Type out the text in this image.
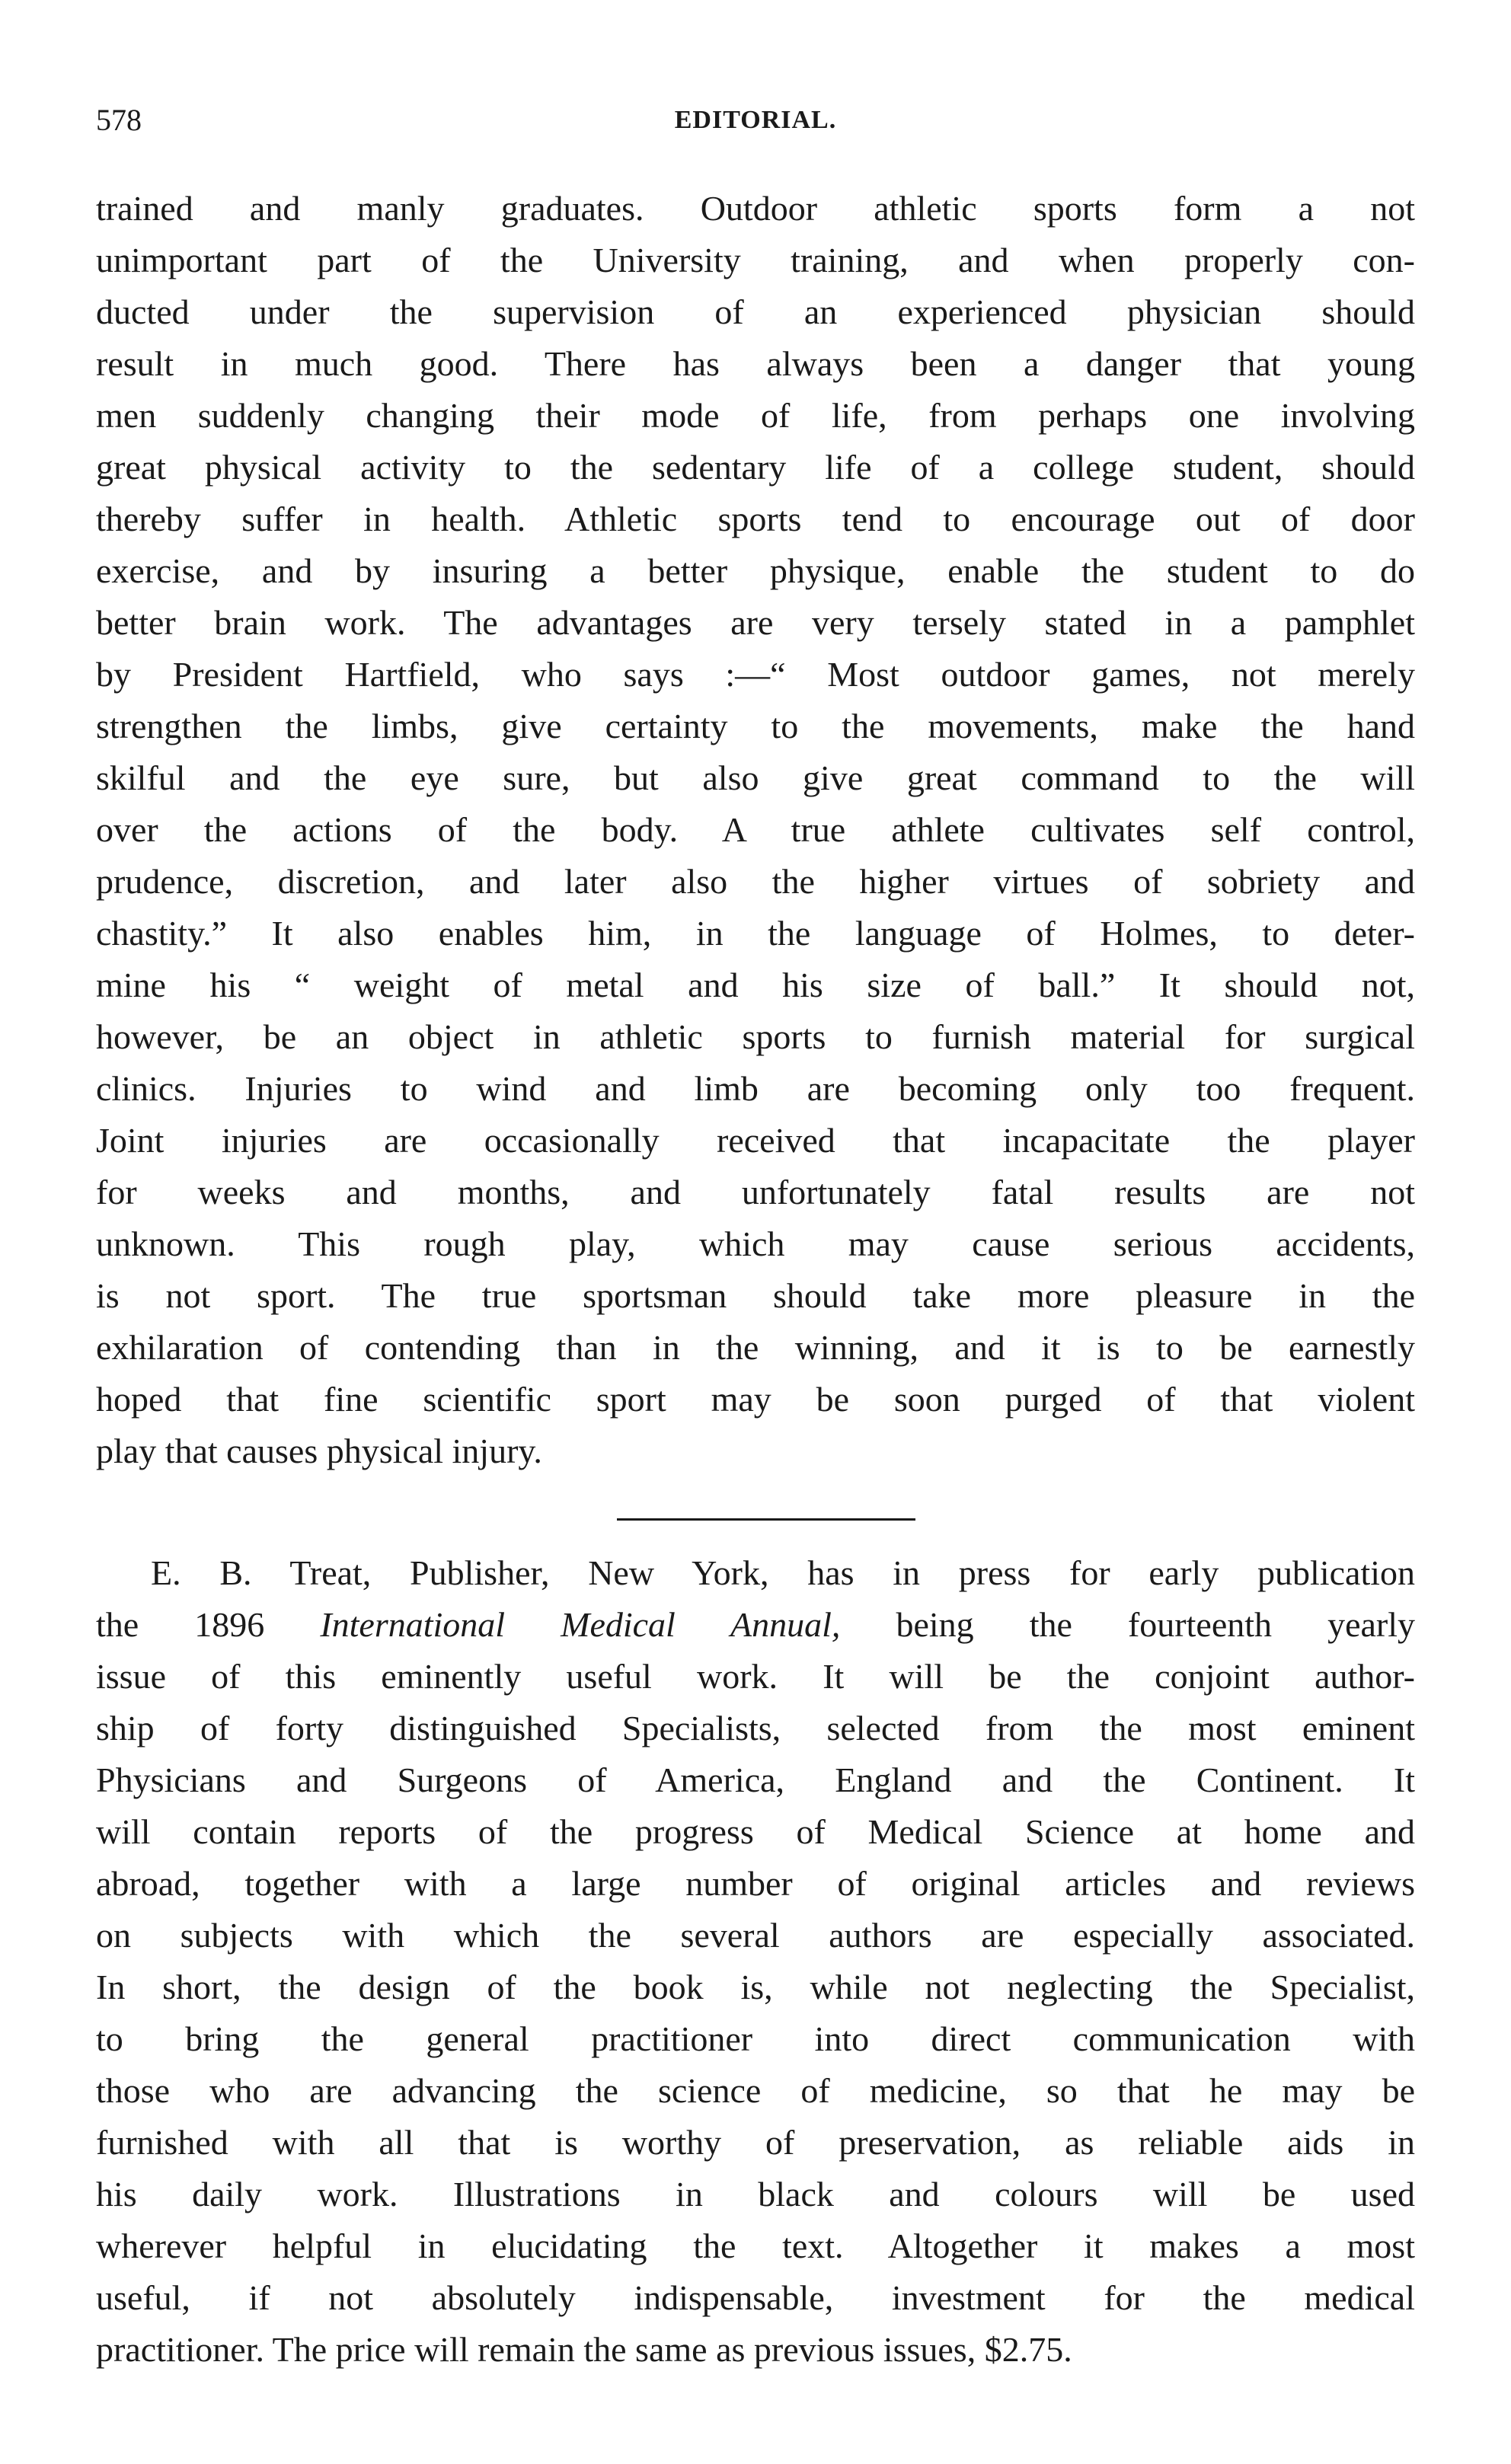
578	EDITORIAL.
trained and manly graduates. Outdoor athletic sports form a not
unimportant part of the University training, and when properly con-
ducted under the supervision of an experienced physician should
result in much good. There has always been a danger that young
men suddenly changing their mode of life, from perhaps one involving
great physical activity to the sedentary life of a college student, should
thereby suffer in health. Athletic sports tend to encourage out of door
exercise, and by insuring a better physique, enable the student to do
better brain work. The advantages are very tersely stated in a pamphlet
by President Hartfield, who says :—“ Most outdoor games, not merely
strengthen the limbs, give certainty to the movements, make the hand
skilful and the eye sure, but also give great command to the will
over the actions of the body. A true athlete cultivates self control,
prudence, discretion, and later also the higher virtues of sobriety and
chastity.” It also enables him, in the language of Holmes, to deter-
mine his “ weight of metal and his size of ball.” It should not,
however, be an object in athletic sports to furnish material for surgical
clinics. Injuries to wind and limb are becoming only too frequent.
Joint injuries are occasionally received that incapacitate the player
for weeks and months, and unfortunately fatal results are not
unknown. This rough play, which may cause serious accidents,
is not sport. The true sportsman should take more pleasure in the
exhilaration of contending than in the winning, and it is to be earnestly
hoped that fine scientific sport may be soon purged of that violent
play that causes physical injury.
E. B. Treat, Publisher, New York, has in press for early publication
the 1896 International Medical Annual, being the fourteenth yearly
issue of this eminently useful work. It will be the conjoint author-
ship of forty distinguished Specialists, selected from the most eminent
Physicians and Surgeons of America, England and the Continent. It
will contain reports of the progress of Medical Science at home and
abroad, together with a large number of original articles and reviews
on subjects with which the several authors are especially associated.
In short, the design of the book is, while not neglecting the Specialist,
to bring the general practitioner into direct communication with
those who are advancing the science of medicine, so that he may be
furnished with all that is worthy of preservation, as reliable aids in
his daily work. Illustrations in black and colours will be used
wherever helpful in elucidating the text. Altogether it makes a most
useful, if not absolutely indispensable, investment for the medical
practitioner. The price will remain the same as previous issues, $2.75.
